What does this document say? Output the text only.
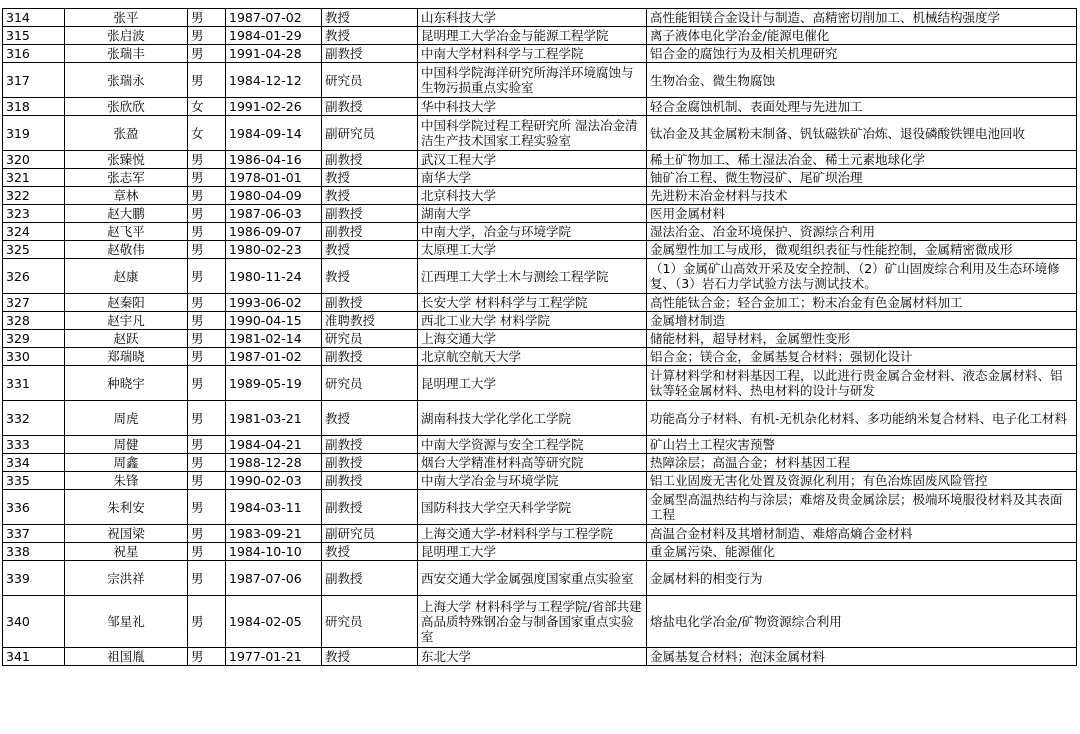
314	张平	男	1987-07-02	教授	山东科技大学	高性能钼镁合金设计与制造、高精密切削加工、机械结构强度学
315	张启波	男	1984-01-29	教授	昆明理工大学冶金与能源工程学院	离子液体电化学冶金/能源电催化
316	张瑞丰	男	1991-04-28	副教授	中南大学材料科学与工程学院	铝合金的腐蚀行为及相关机理研究
317	张瑞永	男	1984-12-12	研究员	中国科学院海洋研究所海洋环境腐蚀与生物污损重点实验室	生物冶金、微生物腐蚀
318	张欣欣	女	1991-02-26	副教授	华中科技大学	轻合金腐蚀机制、表面处理与先进加工
319	张盈	女	1984-09-14	副研究员	中国科学院过程工程研究所 湿法冶金清洁生产技术国家工程实验室	钛冶金及其金属粉末制备、钒钛磁铁矿冶炼、退役磷酸铁锂电池回收
320	张臻悦	男	1986-04-16	副教授	武汉工程大学	稀土矿物加工、稀土湿法冶金、稀土元素地球化学
321	张志军	男	1978-01-01	教授	南华大学	铀矿冶工程、微生物浸矿、尾矿坝治理
322	章林	男	1980-04-09	教授	北京科技大学	先进粉末冶金材料与技术
323	赵大鹏	男	1987-06-03	副教授	湖南大学	医用金属材料
324	赵飞平	男	1986-09-07	副教授	中南大学，冶金与环境学院	湿法冶金、冶金环境保护、资源综合利用
325	赵敬伟	男	1980-02-23	教授	太原理工大学	金属塑性加工与成形，微观组织表征与性能控制，金属精密微成形
326	赵康	男	1980-11-24	教授	江西理工大学土木与测绘工程学院	（1）金属矿山高效开采及安全控制、（2）矿山固废综合利用及生态环境修复、（3）岩石力学试验方法与测试技术。
327	赵秦阳	男	1993-06-02	副教授	长安大学 材料科学与工程学院	高性能钛合金；轻合金加工；粉末冶金有色金属材料加工
328	赵宇凡	男	1990-04-15	准聘教授	西北工业大学 材料学院	金属增材制造
329	赵跃	男	1981-02-14	研究员	上海交通大学	储能材料，超导材料，金属塑性变形
330	郑瑞晓	男	1987-01-02	副教授	北京航空航天大学	铝合金；镁合金，金属基复合材料；强韧化设计
331	种晓宇	男	1989-05-19	研究员	昆明理工大学	计算材料学和材料基因工程，以此进行贵金属合金材料、液态金属材料、铝钛等轻金属材料、热电材料的设计与研发
332	周虎	男	1981-03-21	教授	湖南科技大学化学化工学院	功能高分子材料、有机-无机杂化材料、多功能纳米复合材料、电子化工材料
333	周健	男	1984-04-21	副教授	中南大学资源与安全工程学院	矿山岩土工程灾害预警
334	周鑫	男	1988-12-28	副教授	烟台大学精准材料高等研究院	热障涂层；高温合金；材料基因工程
335	朱锋	男	1990-02-03	副教授	中南大学冶金与环境学院	铝工业固废无害化处置及资源化利用；有色冶炼固废风险管控
336	朱利安	男	1984-03-11	副教授	国防科技大学空天科学学院	金属型高温热结构与涂层；难熔及贵金属涂层；极端环境服役材料及其表面工程
337	祝国梁	男	1983-09-21	副研究员	上海交通大学-材料科学与工程学院	高温合金材料及其增材制造、难熔高熵合金材料
338	祝星	男	1984-10-10	教授	昆明理工大学	重金属污染、能源催化
339	宗洪祥	男	1987-07-06	副教授	西安交通大学金属强度国家重点实验室	金属材料的相变行为
340	邹星礼	男	1984-02-05	研究员	上海大学 材料科学与工程学院/省部共建高品质特殊钢冶金与制备国家重点实验室	熔盐电化学冶金/矿物资源综合利用
341	祖国胤	男	1977-01-21	教授	东北大学	金属基复合材料；泡沫金属材料
